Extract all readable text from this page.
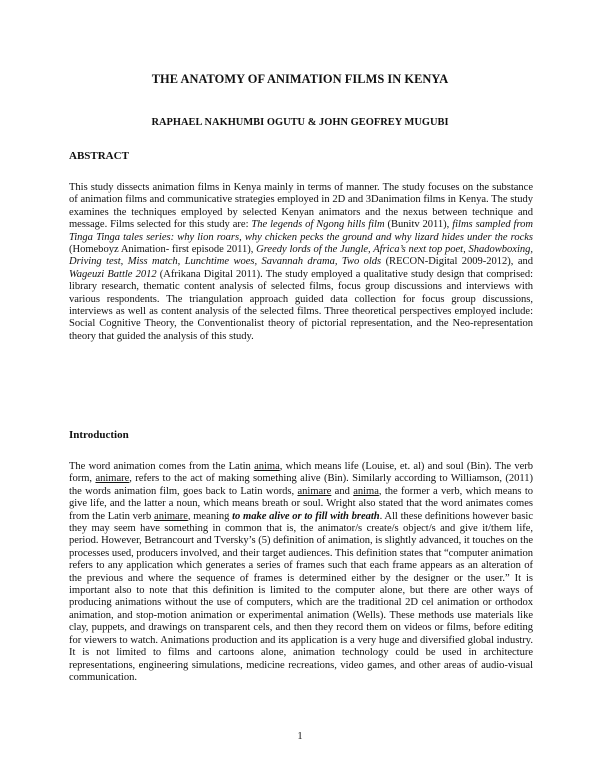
THE ANATOMY OF ANIMATION FILMS IN KENYA

RAPHAEL NAKHUMBI OGUTU & JOHN GEOFREY MUGUBI

ABSTRACT

This study dissects animation films in Kenya mainly in terms of manner. The study focuses on the substance of animation films and communicative strategies employed in 2D and 3Danimation films in Kenya. The study examines the techniques employed by selected Kenyan animators and the nexus between technique and message. Films selected for this study are: The legends of Ngong hills film (Bunitv 2011), films sampled from Tinga Tinga tales series: why lion roars, why chicken pecks the ground and why lizard hides under the rocks (Homeboyz Animation- first episode 2011), Greedy lords of the Jungle, Africa’s next top poet, Shadowboxing, Driving test, Miss match, Lunchtime woes, Savannah drama, Two olds (RECON-Digital 2009-2012), and Wageuzi Battle 2012 (Afrikana Digital 2011). The study employed a qualitative study design that comprised: library research, thematic content analysis of selected films, focus group discussions and interviews with various respondents. The triangulation approach guided data collection for focus group discussions, interviews as well as content analysis of the selected films. Three theoretical perspectives employed include: Social Cognitive Theory, the Conventionalist theory of pictorial representation, and the Neo-representation theory that guided the analysis of this study.

Introduction

The word animation comes from the Latin anima, which means life (Louise, et. al) and soul (Bin). The verb form, animare, refers to the act of making something alive (Bin). Similarly according to Williamson, (2011) the words animation film, goes back to Latin words, animare and anima, the former a verb, which means to give life, and the latter a noun, which means breath or soul. Wright also stated that the word animates comes from the Latin verb animare, meaning to make alive or to fill with breath. All these definitions however basic they may seem have something in common that is, the animator/s create/s object/s and give it/them life, period. However, Betrancourt and Tversky’s (5) definition of animation, is slightly advanced, it touches on the processes used, producers involved, and their target audiences. This definition states that “computer animation refers to any application which generates a series of frames such that each frame appears as an alteration of the previous and where the sequence of frames is determined either by the designer or the user.” It is important also to note that this definition is limited to the computer alone, but there are other ways of producing animations without the use of computers, which are the traditional 2D cel animation or orthodox animation, and stop-motion animation or experimental animation (Wells). These methods use materials like clay, puppets, and drawings on transparent cels, and then they record them on videos or films, before editing for viewers to watch. Animations production and its application is a very huge and diversified global industry. It is not limited to films and cartoons alone, animation technology could be used in architecture representations, engineering simulations, medicine recreations, video games, and other areas of audio-visual communication.

1
